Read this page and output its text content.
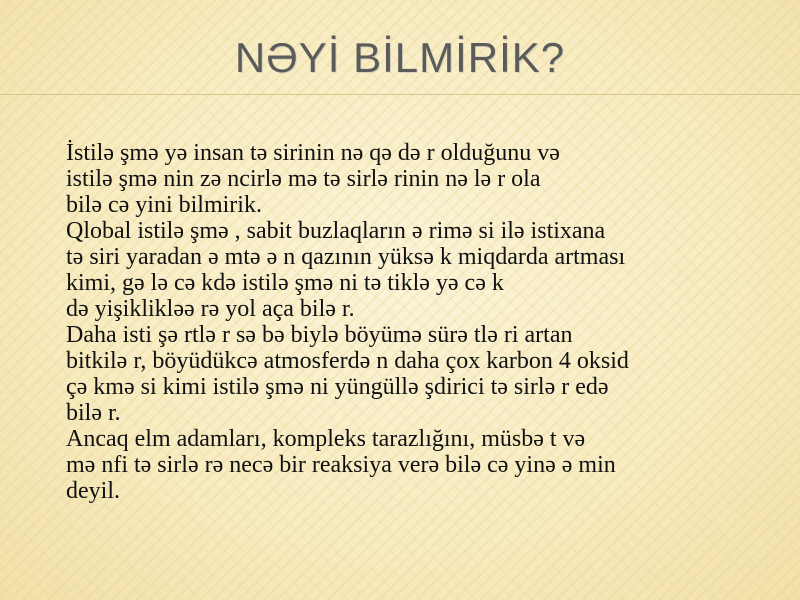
NƏYİ BİLMİRİK?
İstilə şmə yə insan tə sirinin nə qə də r olduğunu və
istilə şmə nin zə ncirlə mə tə sirlə rinin nə lə r ola
bilə cə yini bilmirik.
Qlobal istilə şmə , sabit buzlaqların ə rimə si ilə istixana
tə siri yaradan ə mtə ə n qazının yüksə k miqdarda artması
kimi, gə lə cə kdə istilə şmə ni tə tiklə yə cə k
də yişiklikləə rə yol aça bilə r.
Daha isti şə rtlə r sə bə biylə böyümə sürə tlə ri artan
bitkilə r, böyüdükcə atmosferdə n daha çox karbon 4 oksid
çə kmə si kimi istilə şmə ni yüngüllə şdirici tə sirlə r edə
bilə r.
Ancaq elm adamları, kompleks tarazlığını, müsbə t və
mə nfi tə sirlə rə necə bir reaksiya verə bilə cə yinə ə min
deyil.
